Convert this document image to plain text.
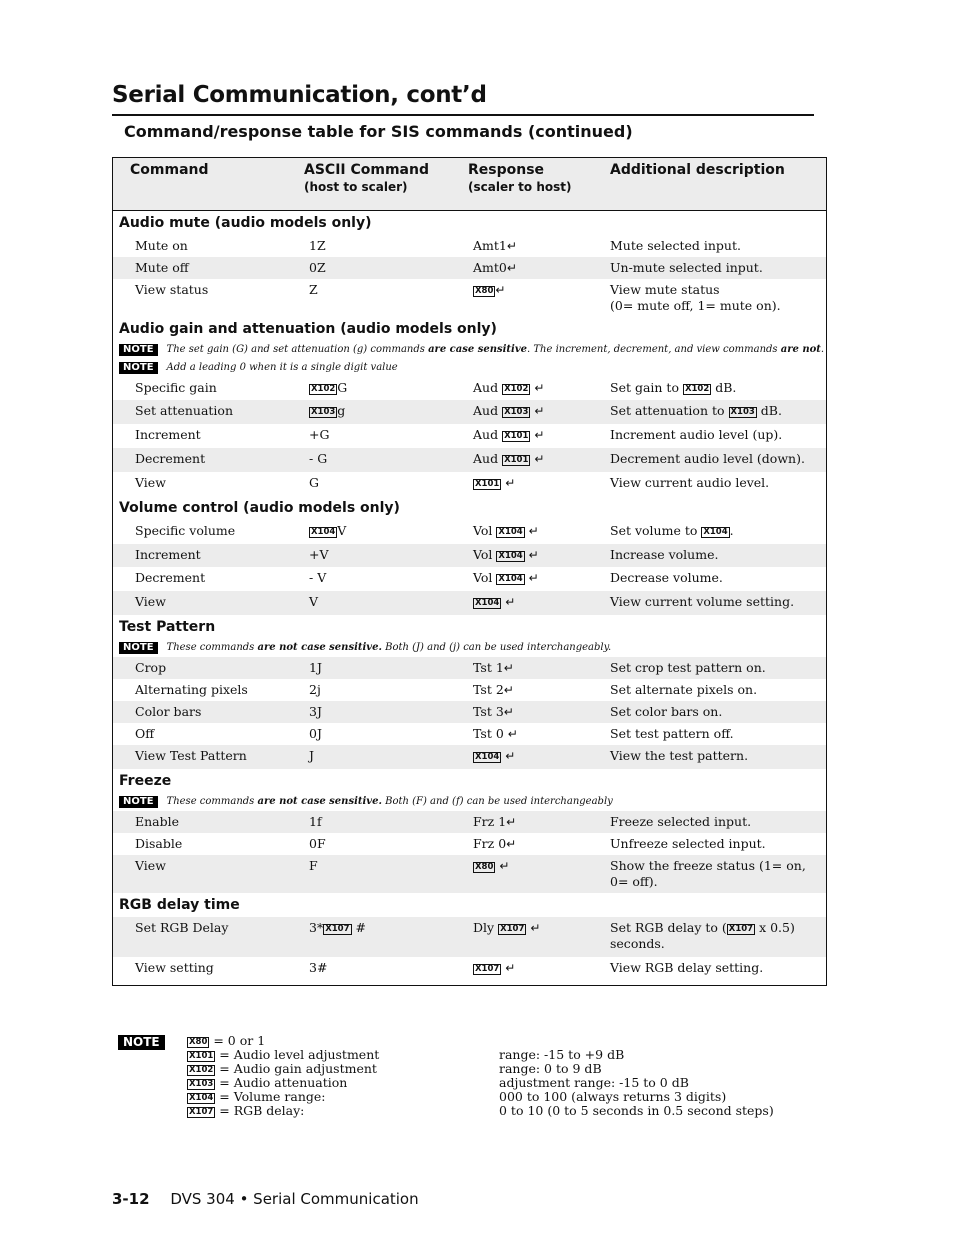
Serial Communication, cont’d
Command/response table for SIS commands (continued)
Command	ASCII Command
(host to scaler)
Response
(scaler to host)
Additional description
Audio mute (audio models only)
Mute on	1Z	Amt1↵	Mute selected input.
Mute off	0Z	Amt0↵	Un-mute selected input.
View status	Z	X80 ↵	View mute status
(0= mute off, 1= mute on).
Audio gain and attenuation (audio models only)
NOTE The set gain (G) and set attenuation (g) commands are case sensitive. The increment, decrement, and view commands are not.
NOTE Add a leading 0 when it is a single digit value
Specific gain	X102 G	Aud X102 ↵	Set gain to X102 dB.
Set attenuation	X103 g	Aud X103 ↵	Set attenuation to X103 dB.
Increment	+G	Aud X101 ↵	Increment audio level (up).
Decrement	- G	Aud X101 ↵	Decrement audio level (down).
View	G	X101 ↵	View current audio level.
Volume control (audio models only)
Specific volume	X104 V	Vol X104 ↵	Set volume to X104 .
Increment	+V	Vol X104 ↵	Increase volume.
Decrement	- V	Vol X104 ↵	Decrease volume.
View	V	X104 ↵	View current volume setting.
Test Pattern
NOTE These commands are not case sensitive. Both (J) and (j) can be used interchangeably.
Crop	1J	Tst 1↵	Set crop test pattern on.
Alternating pixels	2j	Tst 2↵	Set alternate pixels on.
Color bars	3J	Tst 3↵	Set color bars on.
Off	0J	Tst 0 ↵	Set test pattern off.
View Test Pattern	J	X104 ↵	View the test pattern.
Freeze
NOTE These commands are not case sensitive. Both (F) and (f) can be used interchangeably
Enable	1f	Frz 1↵	Freeze selected input.
Disable	0F	Frz 0↵	Unfreeze selected input.
View	F	X80 ↵	Show the freeze status (1= on, 0= off).
RGB delay time
Set RGB Delay	3* X107 #	Dly X107 ↵	Set RGB delay to ( X107 x 0.5)
seconds.
View setting	3#	X107 ↵	View RGB delay setting.
NOTE	X80 = 0 or 1
X101 = Audio level adjustment	range: -15 to +9 dB
X102 = Audio gain adjustment	range: 0 to 9 dB
X103 = Audio attenuation	adjustment range: -15 to 0 dB
X104 = Volume range:	000 to 100 (always returns 3 digits)
X107 = RGB delay:	0 to 10 (0 to 5 seconds in 0.5 second steps)
3-12 DVS 304 • Serial Communication
